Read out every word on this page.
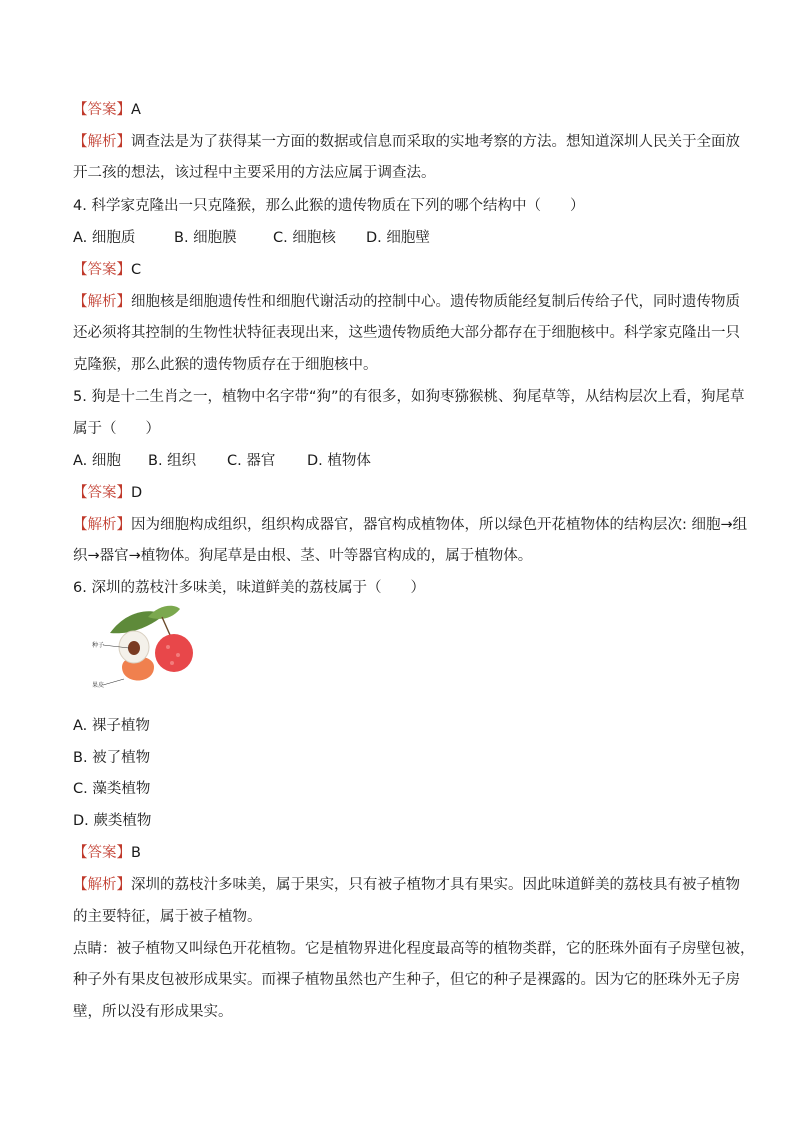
【答案】A

【解析】调查法是为了获得某一方面的数据或信息而采取的实地考察的方法。想知道深圳人民关于全面放

开二孩的想法，该过程中主要采用的方法应属于调查法。

4. 科学家克隆出一只克隆猴，那么此猴的遗传物质在下列的哪个结构中（　　）

A. 细胞质	B. 细胞膜	C. 细胞核 D. 细胞壁

【答案】C

【解析】细胞核是细胞遗传性和细胞代谢活动的控制中心。遗传物质能经复制后传给子代，同时遗传物质

还必须将其控制的生物性状特征表现出来，这些遗传物质绝大部分都存在于细胞核中。科学家克隆出一只

克隆猴，那么此猴的遗传物质存在于细胞核中。

5. 狗是十二生肖之一，植物中名字带“狗”的有很多，如狗枣猕猴桃、狗尾草等，从结构层次上看，狗尾草

属于（　　）

A. 细胞 B. 组织 C. 器官 D. 植物体

【答案】D

【解析】因为细胞构成组织，组织构成器官，器官构成植物体，所以绿色开花植物体的结构层次: 细胞→组

织→器官→植物体。狗尾草是由根、茎、叶等器官构成的，属于植物体。

6. 深圳的荔枝汁多味美，味道鲜美的荔枝属于（　　）

种子
果皮

A. 裸子植物

B. 被了植物

C. 藻类植物

D. 蕨类植物

【答案】B

【解析】深圳的荔枝汁多味美，属于果实，只有被子植物才具有果实。因此味道鲜美的荔枝具有被子植物

的主要特征，属于被子植物。

点睛：被子植物又叫绿色开花植物。它是植物界进化程度最高等的植物类群，它的胚珠外面有子房壁包被，

种子外有果皮包被形成果实。而裸子植物虽然也产生种子，但它的种子是裸露的。因为它的胚珠外无子房

壁，所以没有形成果实。
